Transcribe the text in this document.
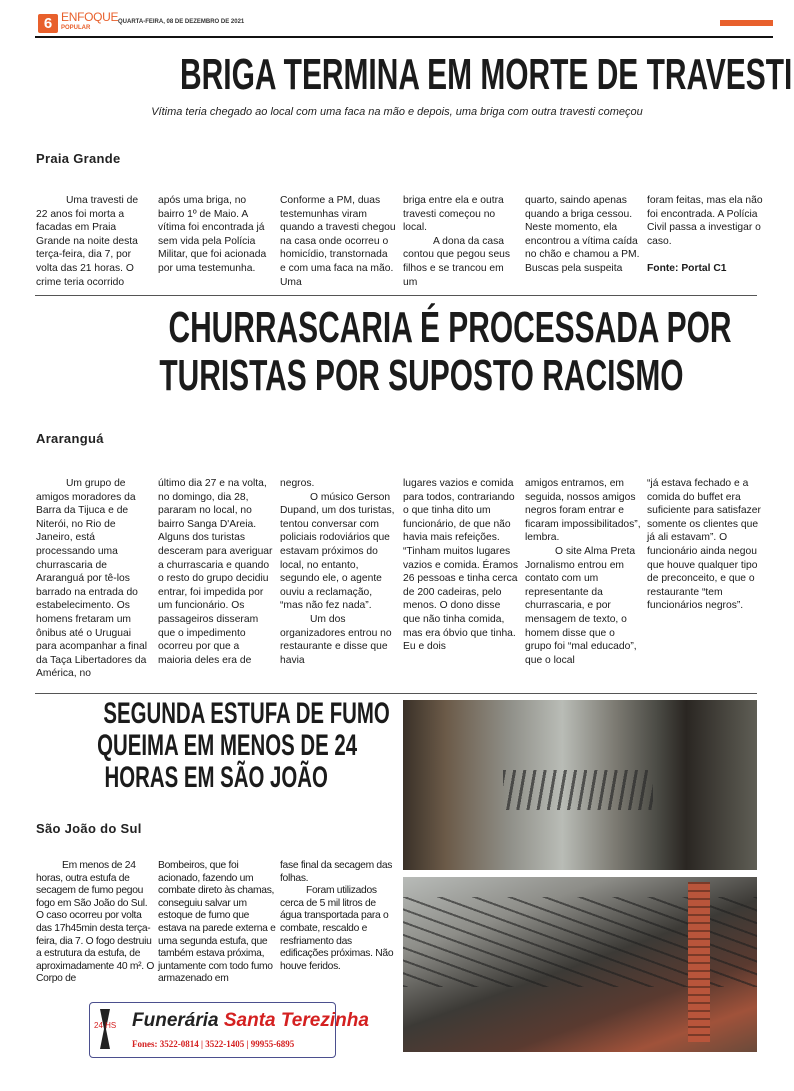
6 ENFOQUE
POPULAR
QUARTA-FEIRA, 08 DE DEZEMBRO DE 2021
BRIGA TERMINA EM MORTE DE TRAVESTI
Vítima teria chegado ao local com uma faca na mão e depois, uma briga com outra travesti começou
Praia Grande

Uma travesti de 22 anos foi morta a facadas em Praia Grande na noite desta terça-feira, dia 7, por volta das 21 horas. O crime teria ocorrido

após uma briga, no bairro 1º de Maio. A vítima foi encontrada já sem vida pela Polícia Militar, que foi acionada por uma testemunha.

Conforme a PM, duas testemunhas viram quando a travesti chegou na casa onde ocorreu o homicídio, transtornada e com uma faca na mão. Uma

briga entre ela e outra travesti começou no local.

A dona da casa contou que pegou seus filhos e se trancou em um

quarto, saindo apenas quando a briga cessou. Neste momento, ela encontrou a vítima caída no chão e chamou a PM. Buscas pela suspeita

foram feitas, mas ela não foi encontrada. A Polícia Civil passa a investigar o caso.

Fonte: Portal C1

CHURRASCARIA É PROCESSADA POR
TURISTAS POR SUPOSTO RACISMO
Araranguá

Um grupo de amigos moradores da Barra da Tijuca e de Niterói, no Rio de Janeiro, está processando uma churrascaria de Araranguá por tê-los barrado na entrada do estabelecimento. Os homens fretaram um ônibus até o Uruguai para acompanhar a final da Taça Libertadores da América, no

último dia 27 e na volta, no domingo, dia 28, pararam no local, no bairro Sanga D'Areia. Alguns dos turistas desceram para averiguar a churrascaria e quando o resto do grupo decidiu entrar, foi impedida por um funcionário. Os passageiros disseram que o impedimento ocorreu por que a maioria deles era de

negros.

O músico Gerson Dupand, um dos turistas, tentou conversar com policiais rodoviários que estavam próximos do local, no entanto, segundo ele, o agente ouviu a reclamação, “mas não fez nada”.

Um dos organizadores entrou no restaurante e disse que havia

lugares vazios e comida para todos, contrariando o que tinha dito um funcionário, de que não havia mais refeições. “Tinham muitos lugares vazios e comida. Éramos 26 pessoas e tinha cerca de 200 cadeiras, pelo menos. O dono disse que não tinha comida, mas era óbvio que tinha. Eu e dois

amigos entramos, em seguida, nossos amigos negros foram entrar e ficaram impossibilitados”, lembra.

O site Alma Preta Jornalismo entrou em contato com um representante da churrascaria, e por mensagem de texto, o homem disse que o grupo foi “mal educado”, que o local

“já estava fechado e a comida do buffet era suficiente para satisfazer somente os clientes que já ali estavam”. O funcionário ainda negou que houve qualquer tipo de preconceito, e que o restaurante “tem funcionários negros”.

SEGUNDA ESTUFA DE FUMO
QUEIMA EM MENOS DE 24
HORAS EM SÃO JOÃO
São João do Sul

Em menos de 24 horas, outra estufa de secagem de fumo pegou fogo em São João do Sul. O caso ocorreu por volta das 17h45min desta terça-feira, dia 7. O fogo destruiu a estrutura da estufa, de aproximadamente 40 m². O Corpo de

Bombeiros, que foi acionado, fazendo um combate direto às chamas, conseguiu salvar um estoque de fumo que estava na parede externa e uma segunda estufa, que também estava próxima, juntamente com todo fumo armazenado em

fase final da secagem das folhas.

Foram utilizados cerca de 5 mil litros de água transportada para o combate, rescaldo e resfriamento das edificações próximas. Não houve feridos.

24 HS Funerária Santa Terezinha
Fones: 3522-0814 | 3522-1405 | 99955-6895
